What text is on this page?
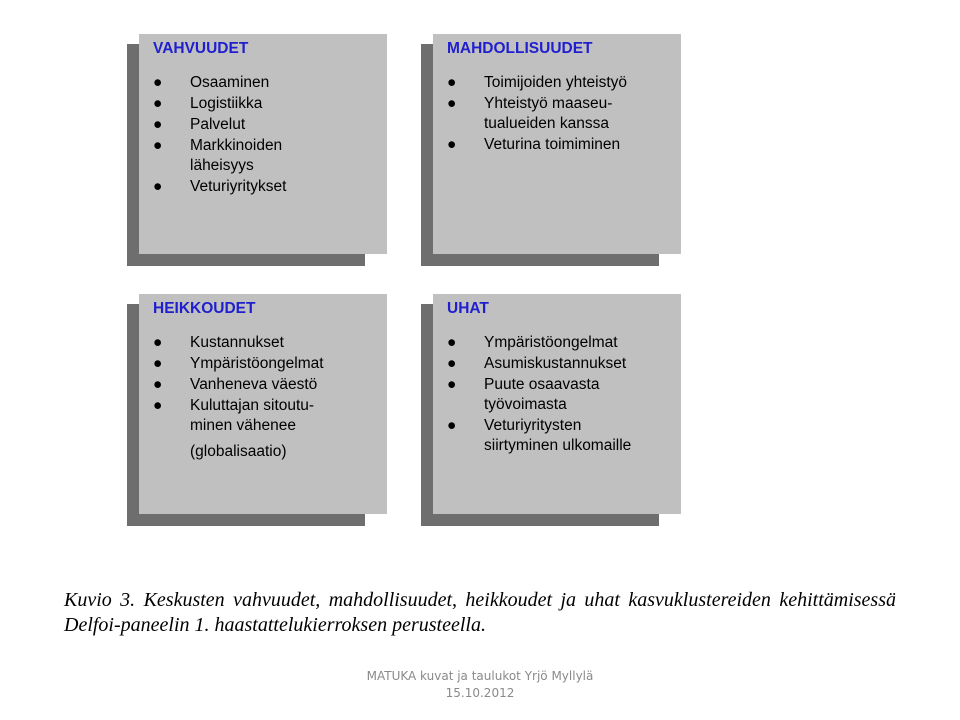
VAHVUUDET
●	Osaaminen
●	Logistiikka
●	Palvelut
●	Markkinoiden
läheisyys
●	Veturiyritykset
MAHDOLLISUUDET
●	Toimijoiden yhteistyö
●	Yhteistyö maaseu-
tualueiden kanssa
●	Veturina toimiminen
HEIKKOUDET
●	Kustannukset
●	Ympäristöongelmat
●	Vanheneva väestö
●	Kuluttajan sitoutu-
minen vähenee
(globalisaatio)
UHAT
●	Ympäristöongelmat
●	Asumiskustannukset
●	Puute osaavasta
työvoimasta
●	Veturiyritysten
siirtyminen ulkomaille
Kuvio 3. Keskusten vahvuudet, mahdollisuudet, heikkoudet ja uhat kasvuklustereiden kehittämisessä Delfoi-paneelin 1. haastattelukierroksen perusteella.
MATUKA kuvat ja taulukot Yrjö Myllylä
15.10.2012
